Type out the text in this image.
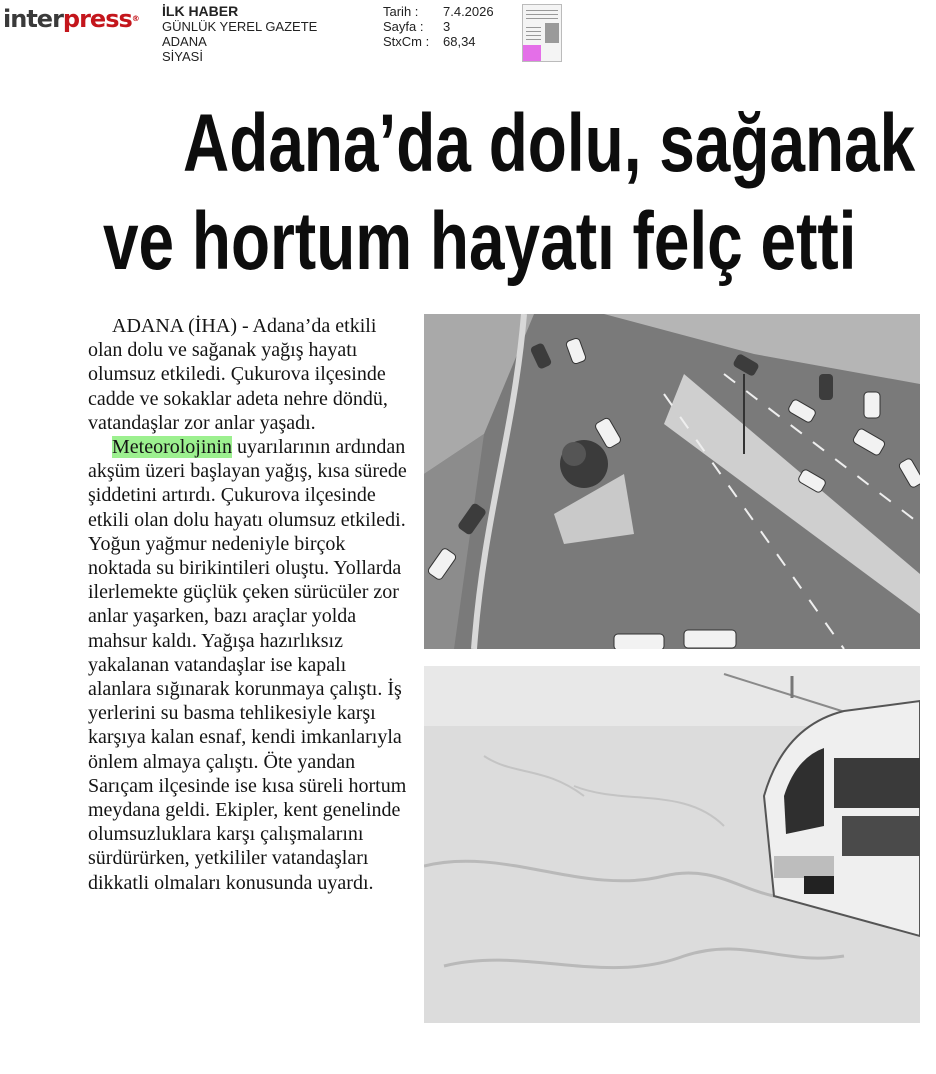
interpress® İLK HABER
GÜNLÜK YEREL GAZETE
ADANA
SİYASİ
Tarih :	7.4.2026
Sayfa :	3
StxCm :	68,34
Adana’da dolu, sağanak
ve hortum hayatı felç etti

ADANA (İHA) - Adana’da etkili olan dolu ve sağanak yağış hayatı olumsuz etkiledi. Çukurova ilçesinde cadde ve sokaklar adeta nehre döndü, vatandaşlar zor anlar yaşadı.

Meteorolojinin uyarılarının ardından akşüm üzeri başlayan yağış, kısa sürede şiddetini artırdı. Çukurova ilçesinde etkili olan dolu hayatı olumsuz etkiledi. Yoğun yağmur nedeniyle birçok noktada su birikintileri oluştu. Yollarda ilerlemekte güçlük çeken sürücüler zor anlar yaşarken, bazı araçlar yolda mahsur kaldı. Yağışa hazırlıksız yakalanan vatandaşlar ise kapalı alanlara sığınarak korunmaya çalıştı. İş yerlerini su basma tehlikesiyle karşı karşıya kalan esnaf, kendi imkanlarıyla önlem almaya çalıştı. Öte yandan Sarıçam ilçesinde ise kısa süreli hortum meydana geldi. Ekipler, kent genelinde olumsuzluklara karşı çalışmalarını sürdürürken, yetkililer vatandaşları dikkatli olmaları konusunda uyardı.
